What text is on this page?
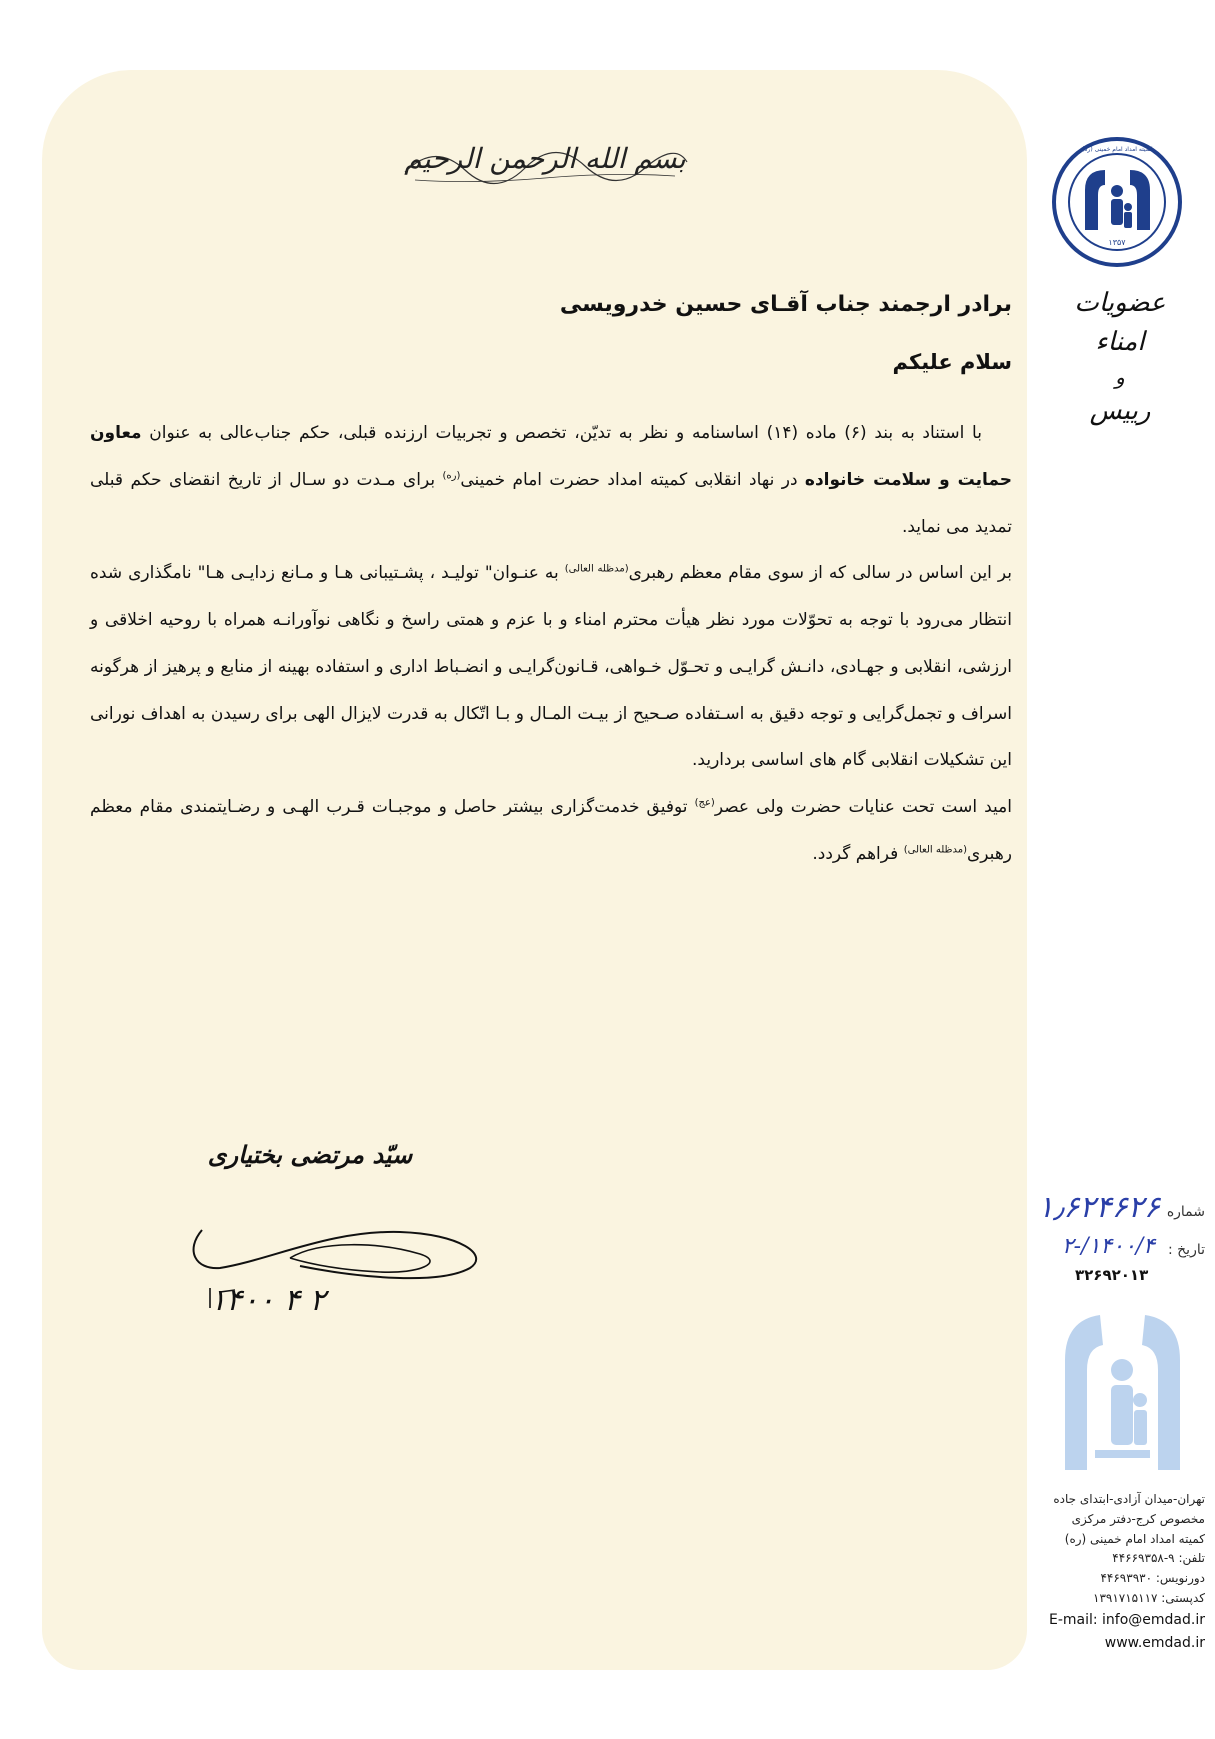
بسم الله الرحمن الرحیم
برادر ارجمند جناب آقـای حسین خدرویسی
سلام علیکم

با استناد به بند (۶) ماده (۱۴) اساسنامه و نظر به تدیّن، تخصص و تجربیات ارزنده قبلی، حکم جناب‌عالی به عنوان معاون حمایت و سلامت خانواده در نهاد انقلابی کمیته امداد حضرت امام خمینی$^{(ره)}$ برای مـدت دو سـال از تاریخ انقضای حکم قبلی تمدید می نماید.

بر این اساس در سالی که از سوی مقام معظم رهبری$^{(مدظله العالی)}$ به عنـوان" تولیـد ، پشـتیبانی هـا و مـانع زدایـی هـا" نامگذاری شده انتظار می‌رود با توجه به تحوّلات مورد نظر هیأت محترم امناء و با عزم و همتی راسخ و نگاهی نوآورانـه همراه با روحیه اخلاقی و ارزشی، انقلابی و جهـادی، دانـش گرایـی و تحـوّل خـواهی، قـانون‌گرایـی و انضـباط اداری و استفاده بهینه از منابع و پرهیز از هرگونه اسراف و تجمل‌گرایی و توجه دقیق به اسـتفاده صـحیح از بیـت المـال و بـا اتّکال به قدرت لایزال الهی برای رسیدن به اهداف نورانی این تشکیلات انقلابی گام های اساسی بردارید.

امید است تحت عنایات حضرت ولی عصر$^{(عج)}$ توفیق خدمت‌گزاری بیشتر حاصل و موجبـات قـرب الهـی و رضـایتمندی مقام معظم رهبری$^{(مدظله العالی)}$ فراهم گردد.

سیّد مرتضی بختیاری
۱۴۰۰ ۴ ۲
۱۳۵۷
کمیته امداد امام خمینی (ره)
عضویات امناء
و
رییس
شماره
۱٫۶۲۴۶۲۶
تاریخ :
۱۴۰۰/۴/-۲
۳۲۶۹۲۰۱۳
تهران-میدان آزادی-ابتدای جاده
مخصوص کرج-دفتر مرکزی
کمیته امداد امام خمینی (ره)
تلفن: ۹-۴۴۶۶۹۳۵۸
دورنویس: ۴۴۶۹۳۹۳۰
کدپستی: ۱۳۹۱۷۱۵۱۱۷
E-mail: info@emdad.ir
www.emdad.ir
